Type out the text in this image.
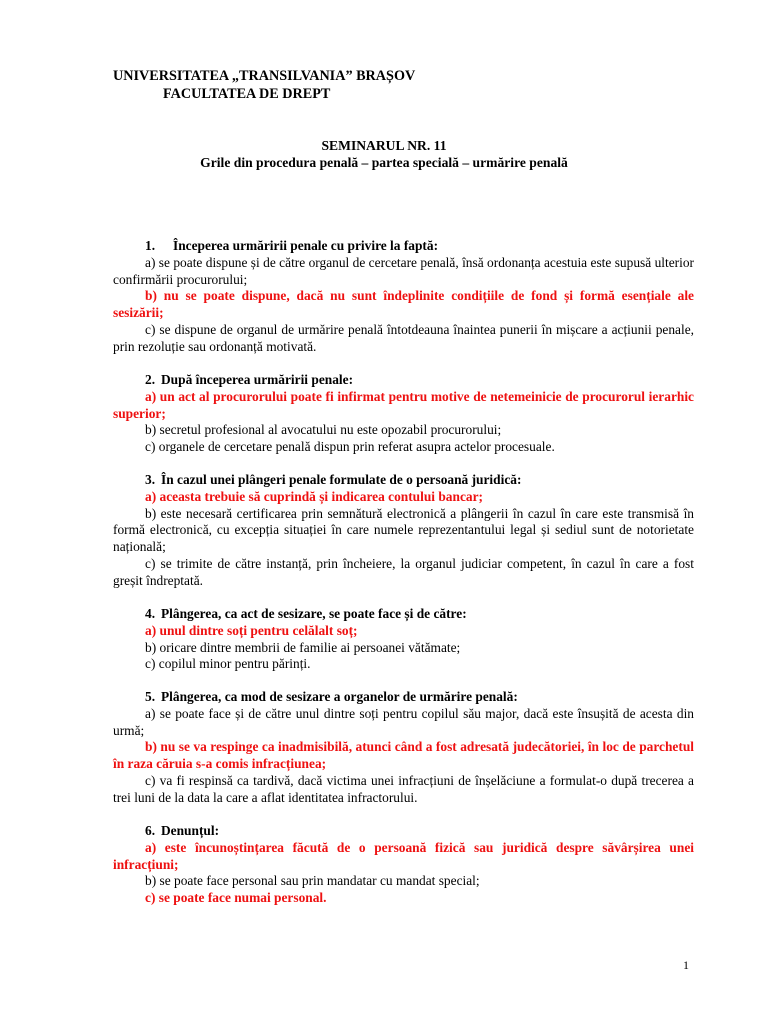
UNIVERSITATEA „TRANSILVANIA” BRAȘOV
FACULTATEA DE DREPT
SEMINARUL NR. 11
Grile din procedura penală – partea specială – urmărire penală
1. Începerea urmăririi penale cu privire la faptă:
a) se poate dispune și de către organul de cercetare penală, însă ordonanța acestuia este supusă ulterior confirmării procurorului;
b) nu se poate dispune, dacă nu sunt îndeplinite condițiile de fond și formă esențiale ale sesizării;
c) se dispune de organul de urmărire penală întotdeauna înaintea punerii în mișcare a acțiunii penale, prin rezoluție sau ordonanță motivată.
2. După începerea urmăririi penale:
a) un act al procurorului poate fi infirmat pentru motive de netemeinicie de procurorul ierarhic superior;
b) secretul profesional al avocatului nu este opozabil procurorului;
c) organele de cercetare penală dispun prin referat asupra actelor procesuale.
3. În cazul unei plângeri penale formulate de o persoană juridică:
a) aceasta trebuie să cuprindă și indicarea contului bancar;
b) este necesară certificarea prin semnătură electronică a plângerii în cazul în care este transmisă în formă electronică, cu excepția situației în care numele reprezentantului legal și sediul sunt de notorietate națională;
c) se trimite de către instanță, prin încheiere, la organul judiciar competent, în cazul în care a fost greșit îndreptată.
4. Plângerea, ca act de sesizare, se poate face și de către:
a) unul dintre soți pentru celălalt soț;
b) oricare dintre membrii de familie ai persoanei vătămate;
c) copilul minor pentru părinți.
5. Plângerea, ca mod de sesizare a organelor de urmărire penală:
a) se poate face și de către unul dintre soți pentru copilul său major, dacă este însușită de acesta din urmă;
b) nu se va respinge ca inadmisibilă, atunci când a fost adresată judecătoriei, în loc de parchetul în raza căruia s-a comis infracțiunea;
c) va fi respinsă ca tardivă, dacă victima unei infracțiuni de înșelăciune a formulat-o după trecerea a trei luni de la data la care a aflat identitatea infractorului.
6. Denunțul:
a) este încunoștințarea făcută de o persoană fizică sau juridică despre săvârșirea unei infracțiuni;
b) se poate face personal sau prin mandatar cu mandat special;
c) se poate face numai personal.
1
